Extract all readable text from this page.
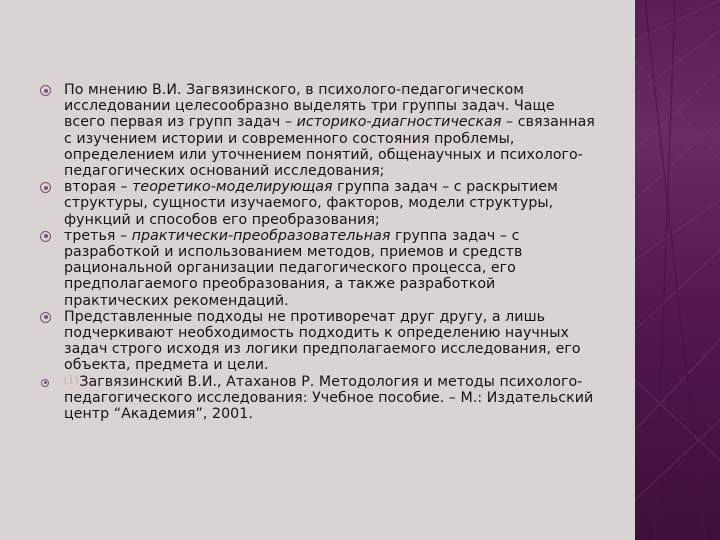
По мнению В.И. Загвязинского, в психолого-педагогическом исследовании целесообразно выделять три группы задач. Чаще всего первая из групп задач – историко-диагностическая – связанная с изучением истории и современного состояния проблемы, определением или уточнением понятий, общенаучных и психолого-педагогических оснований исследования;

вторая – теоретико-моделирующая группа задач – с раскрытием структуры, сущности изучаемого, факторов, модели структуры, функций и способов его преобразования;

третья – практически-преобразовательная группа задач – с разработкой и использованием методов, приемов и средств рациональной организации педагогического процесса, его предполагаемого преобразования, а также разработкой практических рекомендаций.

Представленные подходы не противоречат друг другу, а лишь подчеркивают необходимость подходить к определению научных задач строго исходя из логики предполагаемого исследования, его объекта, предмета и цели.

[1]Загвязинский В.И., Атаханов Р. Методология и методы психолого-педагогического исследования: Учебное пособие. – М.: Издательский центр “Академия”, 2001.
